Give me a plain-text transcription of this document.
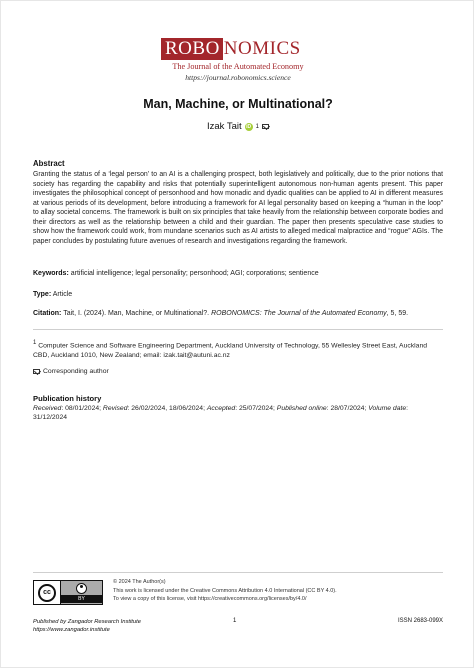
ROBO NOMICS
The Journal of the Automated Economy
https://journal.robonomics.science
Man, Machine, or Multinational?
Izak Tait iD 1
Abstract
Granting the status of a ‘legal person’ to an AI is a challenging prospect, both legislatively and politically, due to the prior notions that society has regarding the capability and risks that potentially superintelligent autonomous non-human agents present. This paper investigates the philosophical concept of personhood and how monadic and dyadic qualities can be applied to AI in different measures at various periods of its development, before introducing a framework for AI legal personality based on keeping a “human in the loop” to allay societal concerns. The framework is built on six principles that take heavily from the relationship between corporate bodies and their directors as well as the relationship between a child and their guardian. The paper then presents speculative case studies to show how the framework could work, from mundane scenarios such as AI artists to alleged medical malpractice and “rogue” AGIs. The paper concludes by postulating future avenues of research and investigations regarding the framework.
Keywords: artificial intelligence; legal personality; personhood; AGI; corporations; sentience
Type: Article
Citation: Tait, I. (2024). Man, Machine, or Multinational?. ROBONOMICS: The Journal of the Automated Economy, 5, 59.
1 Computer Science and Software Engineering Department, Auckland University of Technology, 55 Wellesley Street East, Auckland CBD, Auckland 1010, New Zealand; email: izak.tait@autuni.ac.nz
Corresponding author
Publication history
Received: 08/01/2024; Revised: 26/02/2024, 18/06/2024; Accepted: 25/07/2024; Published online: 28/07/2024; Volume date: 31/12/2024
cc
BY
© 2024 The Author(s)
This work is licensed under the Creative Commons Attribution 4.0 International (CC BY 4.0).
To view a copy of this license, visit https://creativecommons.org/licenses/by/4.0/
Published by Zangador Research Institute
https://www.zangador.institute
1	ISSN 2683-099X
